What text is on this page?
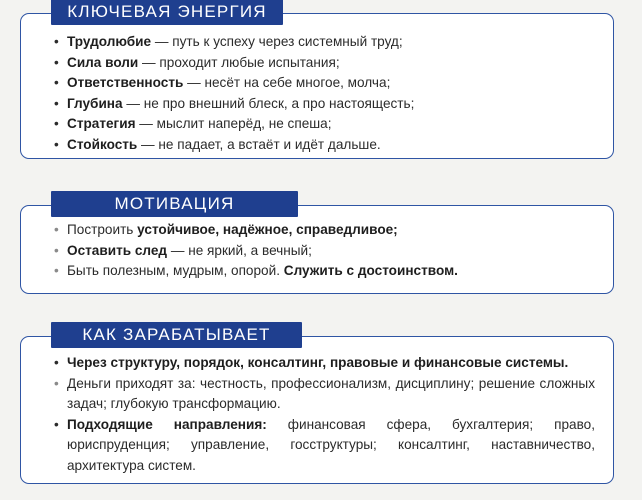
КЛЮЧЕВАЯ ЭНЕРГИЯ
• Трудолюбие — путь к успеху через системный труд;
• Сила воли — проходит любые испытания;
• Ответственность — несёт на себе многое, молча;
• Глубина — не про внешний блеск, а про настоящесть;
• Стратегия — мыслит наперёд, не спеша;
• Стойкость — не падает, а встаёт и идёт дальше.
МОТИВАЦИЯ
• Построить устойчивое, надёжное, справедливое;
• Оставить след — не яркий, а вечный;
• Быть полезным, мудрым, опорой. Служить с достоинством.
КАК ЗАРАБАТЫВАЕТ
• Через структуру, порядок, консалтинг, правовые и финансовые системы.
• Деньги приходят за: честность, профессионализм, дисциплину; решение сложных задач; глубокую трансформацию.
• Подходящие направления: финансовая сфера, бухгалтерия; право, юриспруденция; управление, госструктуры; консалтинг, наставничество, архитектура систем.
